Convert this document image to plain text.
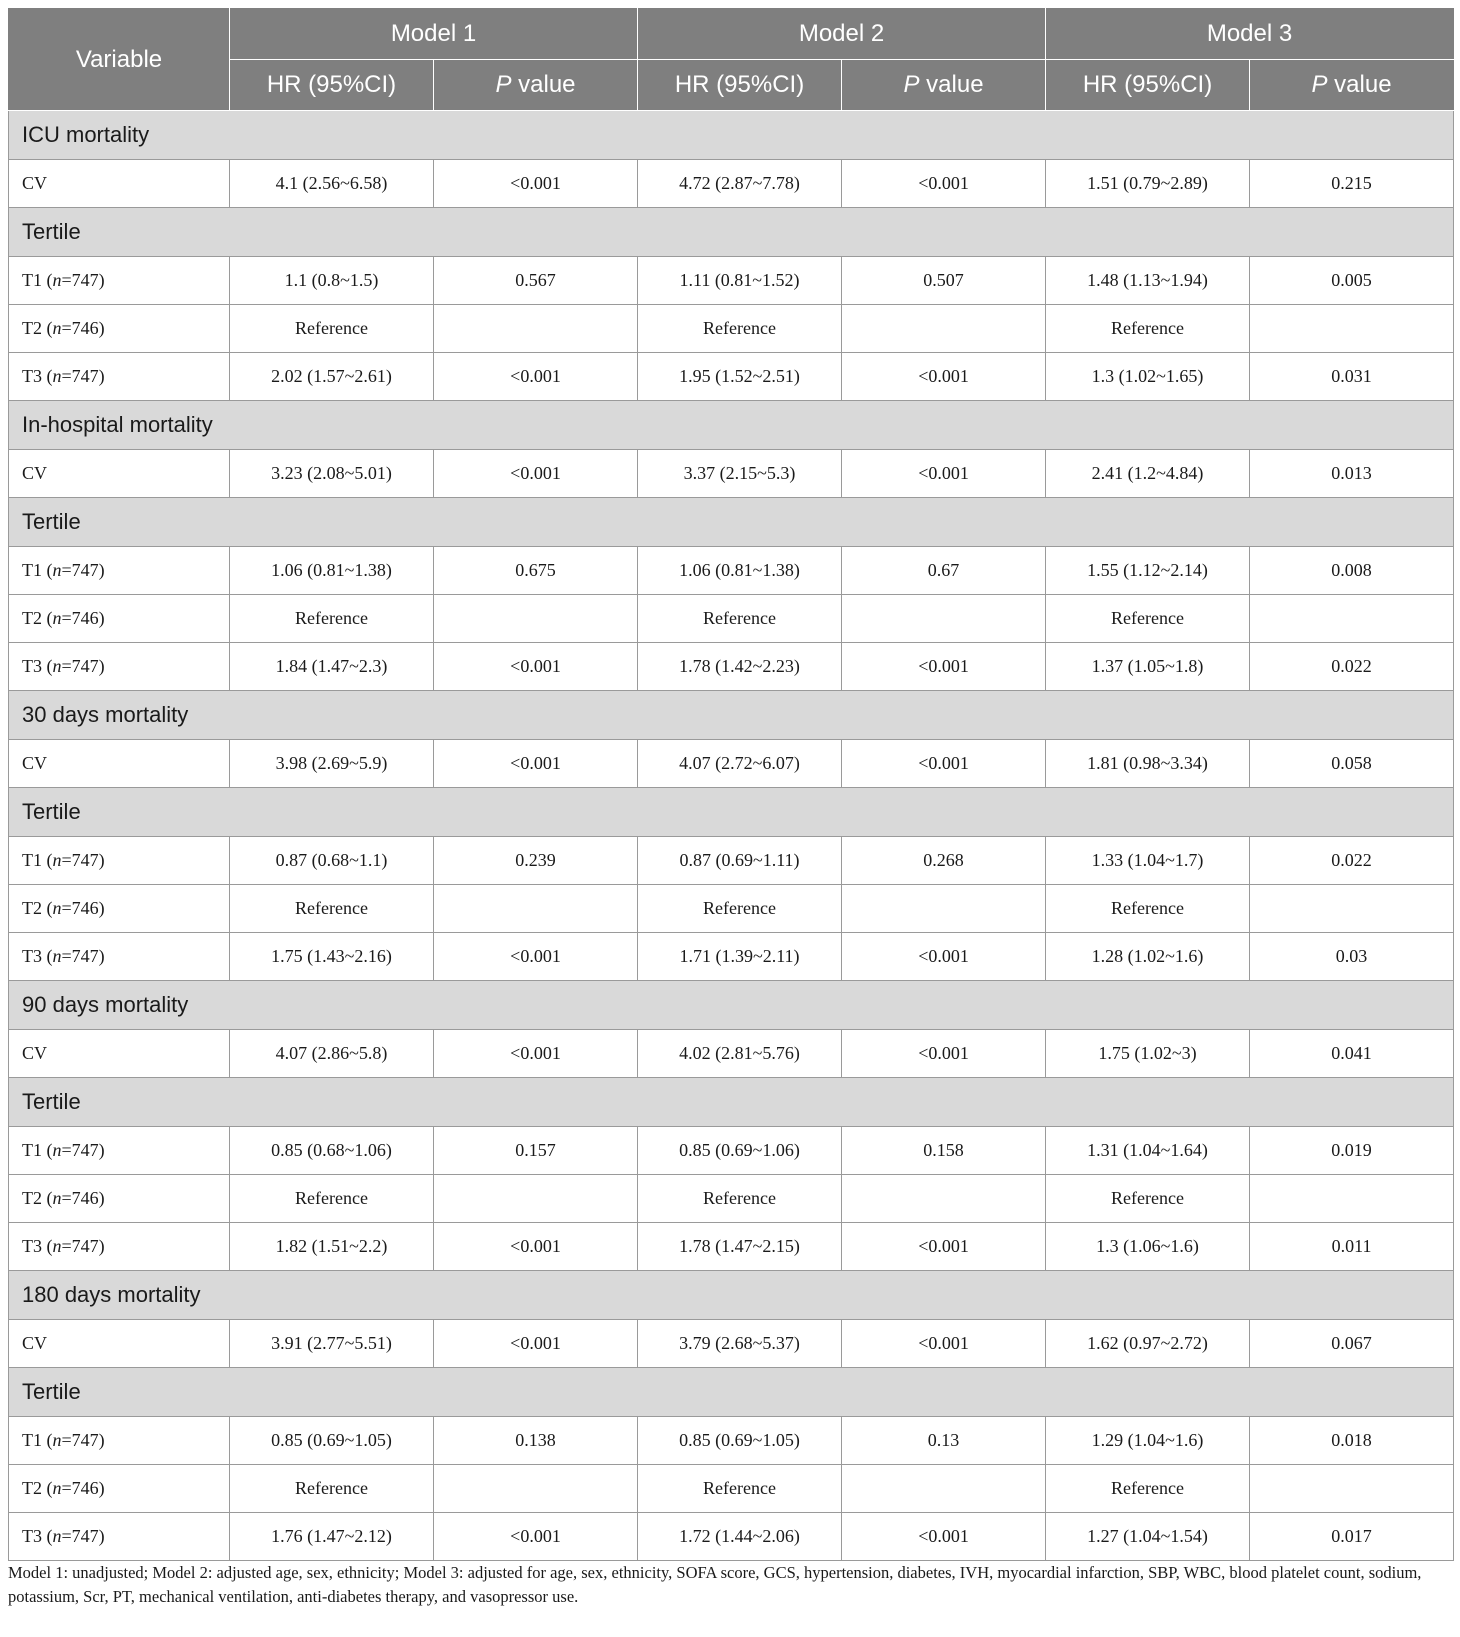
Variable	Model 1		Model 2		Model 3	
	HR (95%CI)	P value	HR (95%CI)	P value	HR (95%CI)	P value
ICU mortality						
CV	4.1 (2.56~6.58)	<0.001	4.72 (2.87~7.78)	<0.001	1.51 (0.79~2.89)	0.215
Tertile						
T1 (n=747)	1.1 (0.8~1.5)	0.567	1.11 (0.81~1.52)	0.507	1.48 (1.13~1.94)	0.005
T2 (n=746)	Reference		Reference		Reference	
T3 (n=747)	2.02 (1.57~2.61)	<0.001	1.95 (1.52~2.51)	<0.001	1.3 (1.02~1.65)	0.031
In-hospital mortality						
CV	3.23 (2.08~5.01)	<0.001	3.37 (2.15~5.3)	<0.001	2.41 (1.2~4.84)	0.013
Tertile						
T1 (n=747)	1.06 (0.81~1.38)	0.675	1.06 (0.81~1.38)	0.67	1.55 (1.12~2.14)	0.008
T2 (n=746)	Reference		Reference		Reference	
T3 (n=747)	1.84 (1.47~2.3)	<0.001	1.78 (1.42~2.23)	<0.001	1.37 (1.05~1.8)	0.022
30 days mortality						
CV	3.98 (2.69~5.9)	<0.001	4.07 (2.72~6.07)	<0.001	1.81 (0.98~3.34)	0.058
Tertile						
T1 (n=747)	0.87 (0.68~1.1)	0.239	0.87 (0.69~1.11)	0.268	1.33 (1.04~1.7)	0.022
T2 (n=746)	Reference		Reference		Reference	
T3 (n=747)	1.75 (1.43~2.16)	<0.001	1.71 (1.39~2.11)	<0.001	1.28 (1.02~1.6)	0.03
90 days mortality						
CV	4.07 (2.86~5.8)	<0.001	4.02 (2.81~5.76)	<0.001	1.75 (1.02~3)	0.041
Tertile						
T1 (n=747)	0.85 (0.68~1.06)	0.157	0.85 (0.69~1.06)	0.158	1.31 (1.04~1.64)	0.019
T2 (n=746)	Reference		Reference		Reference	
T3 (n=747)	1.82 (1.51~2.2)	<0.001	1.78 (1.47~2.15)	<0.001	1.3 (1.06~1.6)	0.011
180 days mortality						
CV	3.91 (2.77~5.51)	<0.001	3.79 (2.68~5.37)	<0.001	1.62 (0.97~2.72)	0.067
Tertile						
T1 (n=747)	0.85 (0.69~1.05)	0.138	0.85 (0.69~1.05)	0.13	1.29 (1.04~1.6)	0.018
T2 (n=746)	Reference		Reference		Reference	
T3 (n=747)	1.76 (1.47~2.12)	<0.001	1.72 (1.44~2.06)	<0.001	1.27 (1.04~1.54)	0.017
Model 1: unadjusted; Model 2: adjusted age, sex, ethnicity; Model 3: adjusted for age, sex, ethnicity, SOFA score, GCS, hypertension, diabetes, IVH, myocardial infarction, SBP, WBC, blood platelet count, sodium, potassium, Scr, PT, mechanical ventilation, anti-diabetes therapy, and vasopressor use.
